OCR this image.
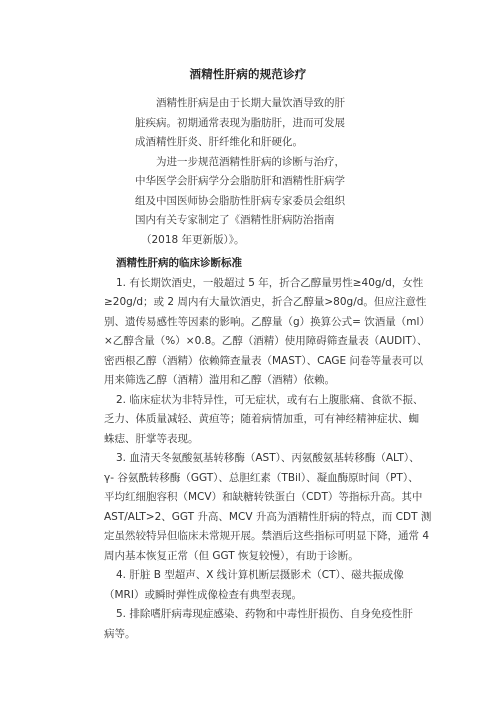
酒精性肝病的规范诊疗
酒精性肝病是由于长期大量饮酒导致的肝
脏疾病。初期通常表现为脂肪肝，进而可发展
成酒精性肝炎、肝纤维化和肝硬化。
为进一步规范酒精性肝病的诊断与治疗，
中华医学会肝病学分会脂肪肝和酒精性肝病学
组及中国医师协会脂肪性肝病专家委员会组织
国内有关专家制定了《酒精性肝病防治指南
（2018 年更新版）》。
酒精性肝病的临床诊断标准
1. 有长期饮酒史，一般超过 5 年，折合乙醇量男性≥40g/d，女性
≥20g/d；或 2 周内有大量饮酒史，折合乙醇量>80g/d。但应注意性
别、遗传易感性等因素的影响。乙醇量（g）换算公式= 饮酒量（ml）
×乙醇含量（%）×0.8。乙醇（酒精）使用障碍筛查量表（AUDIT）、
密西根乙醇（酒精）依赖筛查量表（MAST）、CAGE 问卷等量表可以
用来筛选乙醇（酒精）滥用和乙醇（酒精）依赖。
2. 临床症状为非特异性，可无症状，或有右上腹胀痛、食欲不振、
乏力、体质量减轻、黄疸等；随着病情加重，可有神经精神症状、蜘
蛛痣、肝掌等表现。
3. 血清天冬氨酸氨基转移酶（AST）、丙氨酸氨基转移酶（ALT）、
γ- 谷氨酰转移酶（GGT）、总胆红素（TBil）、凝血酶原时间（PT）、
平均红细胞容积（MCV）和缺糖转铁蛋白（CDT）等指标升高。其中
AST/ALT>2、GGT 升高、MCV 升高为酒精性肝病的特点，而 CDT 测
定虽然较特异但临床未常规开展。禁酒后这些指标可明显下降，通常 4
周内基本恢复正常（但 GGT 恢复较慢），有助于诊断。
4. 肝脏 B 型超声、X 线计算机断层摄影术（CT）、磁共振成像
（MRI）或瞬时弹性成像检查有典型表现。
5. 排除嗜肝病毒现症感染、药物和中毒性肝损伤、自身免疫性肝
病等。
